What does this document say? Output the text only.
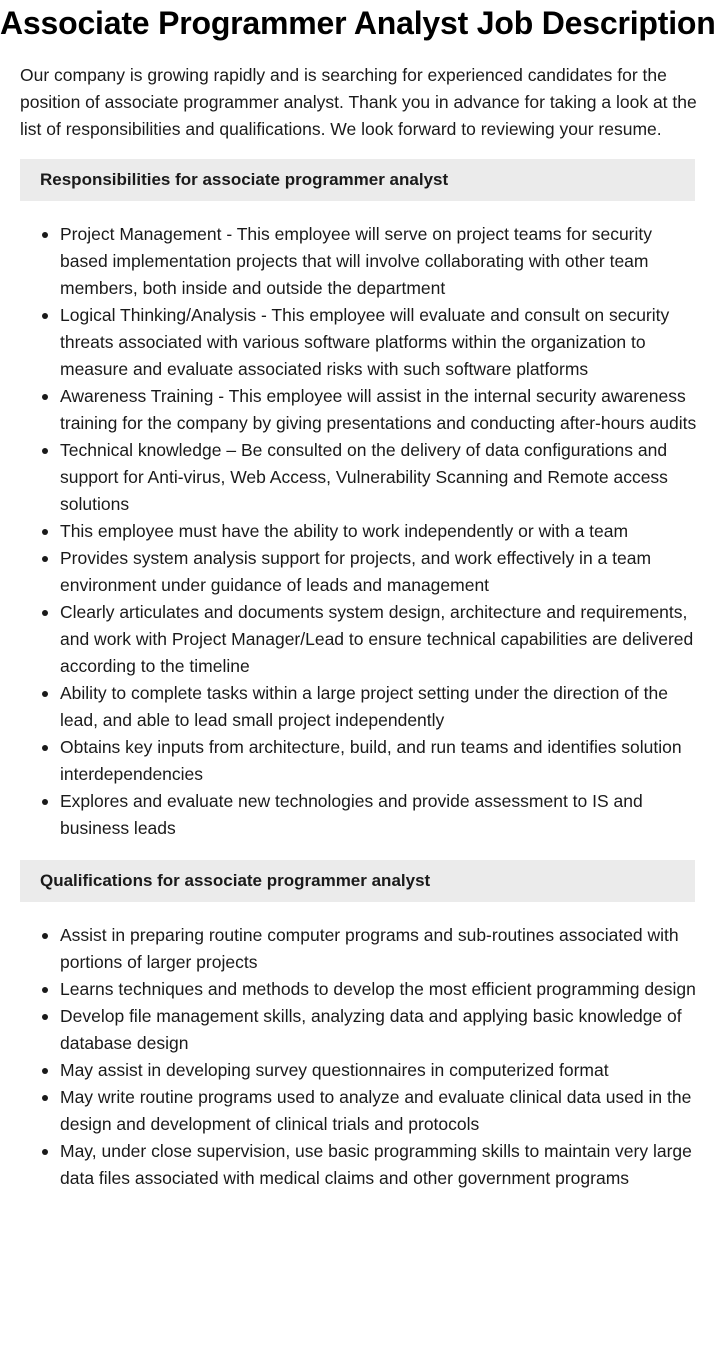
Associate Programmer Analyst Job Description

Our company is growing rapidly and is searching for experienced candidates for the position of associate programmer analyst. Thank you in advance for taking a look at the list of responsibilities and qualifications. We look forward to reviewing your resume.

Responsibilities for associate programmer analyst
Project Management - This employee will serve on project teams for security based implementation projects that will involve collaborating with other team members, both inside and outside the department
Logical Thinking/Analysis - This employee will evaluate and consult on security threats associated with various software platforms within the organization to measure and evaluate associated risks with such software platforms
Awareness Training - This employee will assist in the internal security awareness training for the company by giving presentations and conducting after-hours audits
Technical knowledge – Be consulted on the delivery of data configurations and support for Anti-virus, Web Access, Vulnerability Scanning and Remote access solutions
This employee must have the ability to work independently or with a team
Provides system analysis support for projects, and work effectively in a team environment under guidance of leads and management
Clearly articulates and documents system design, architecture and requirements, and work with Project Manager/Lead to ensure technical capabilities are delivered according to the timeline
Ability to complete tasks within a large project setting under the direction of the lead, and able to lead small project independently
Obtains key inputs from architecture, build, and run teams and identifies solution interdependencies
Explores and evaluate new technologies and provide assessment to IS and business leads
Qualifications for associate programmer analyst
Assist in preparing routine computer programs and sub-routines associated with portions of larger projects
Learns techniques and methods to develop the most efficient programming design
Develop file management skills, analyzing data and applying basic knowledge of database design
May assist in developing survey questionnaires in computerized format
May write routine programs used to analyze and evaluate clinical data used in the design and development of clinical trials and protocols
May, under close supervision, use basic programming skills to maintain very large data files associated with medical claims and other government programs
